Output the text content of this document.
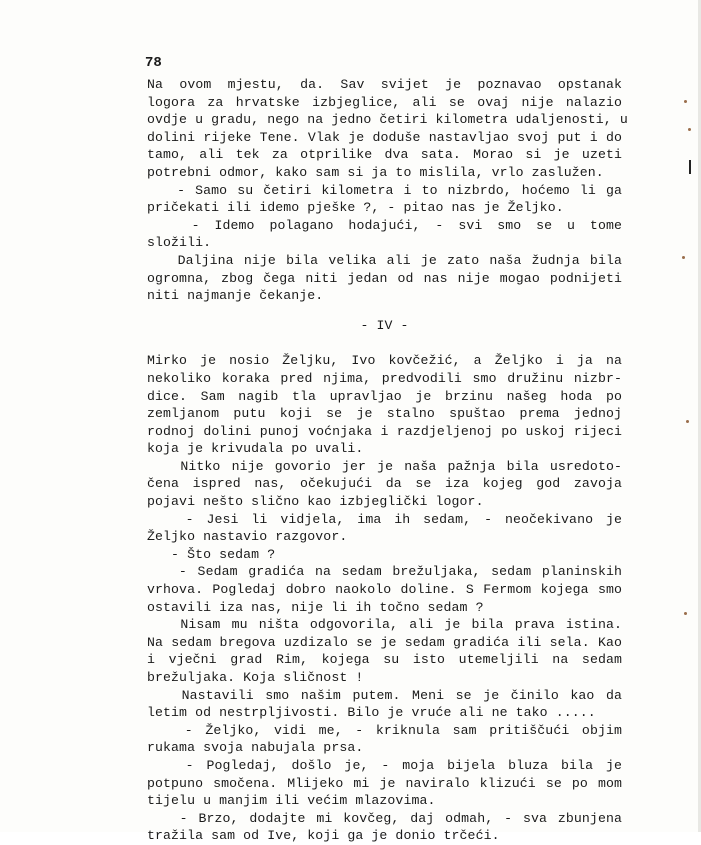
78
Na ovom mjestu, da. Sav svijet je poznavao opstanak
logora za hrvatske izbjeglice, ali se ovaj nije nalazio
ovdje u gradu, nego na jedno četiri kilometra udaljenosti, u
dolini rijeke Tene. Vlak je doduše nastavljao svoj put i do
tamo, ali tek za otprilike dva sata. Morao si je uzeti
potrebni odmor, kako sam si ja to mislila, vrlo zaslužen.
- Samo su četiri kilometra i to nizbrdo, hoćemo li ga
pričekati ili idemo pješke ?, - pitao nas je Željko.
- Idemo polagano hodajući, - svi smo se u tome
složili.
Daljina nije bila velika ali je zato naša žudnja bila
ogromna, zbog čega niti jedan od nas nije mogao podnijeti
niti najmanje čekanje.
- IV -
Mirko je nosio Željku, Ivo kovčežić, a Željko i ja na
nekoliko koraka pred njima, predvodili smo družinu nizbr-
dice. Sam nagib tla upravljao je brzinu našeg hoda po
zemljanom putu koji se je stalno spuštao prema jednoj
rodnoj dolini punoj voćnjaka i razdjeljenoj po uskoj rijeci
koja je krivudala po uvali.
Nitko nije govorio jer je naša pažnja bila usredoto-
čena ispred nas, očekujući da se iza kojeg god zavoja
pojavi nešto slično kao izbjeglički logor.
- Jesi li vidjela, ima ih sedam, - neočekivano je
Željko nastavio razgovor.
- Što sedam ?
- Sedam gradića na sedam brežuljaka, sedam planinskih
vrhova. Pogledaj dobro naokolo doline. S Fermom kojega smo
ostavili iza nas, nije li ih točno sedam ?
Nisam mu ništa odgovorila, ali je bila prava istina.
Na sedam bregova uzdizalo se je sedam gradića ili sela. Kao
i vječni grad Rim, kojega su isto utemeljili na sedam
brežuljaka. Koja sličnost !
Nastavili smo našim putem. Meni se je činilo kao da
letim od nestrpljivosti. Bilo je vruće ali ne tako .....
- Željko, vidi me, - kriknula sam pritiščući objim
rukama svoja nabujala prsa.
- Pogledaj, došlo je, - moja bijela bluza bila je
potpuno smočena. Mlijeko mi je naviralo klizući se po mom
tijelu u manjim ili većim mlazovima.
- Brzo, dodajte mi kovčeg, daj odmah, - sva zbunjena
tražila sam od Ive, koji ga je donio trčeći.
